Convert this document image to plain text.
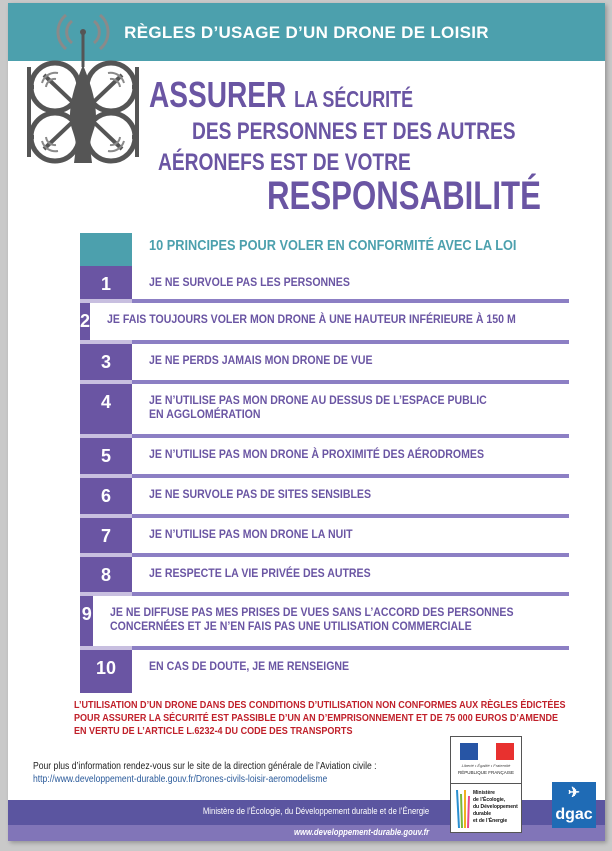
RÈGLES D’USAGE D’UN DRONE DE LOISIR
ASSURER LA SÉCURITÉ
DES PERSONNES ET DES AUTRES
AÉRONEFS EST DE VOTRE
RESPONSABILITÉ
10 PRINCIPES POUR VOLER EN CONFORMITÉ AVEC LA LOI
1	JE NE SURVOLE PAS LES PERSONNES
2	JE FAIS TOUJOURS VOLER MON DRONE À UNE HAUTEUR INFÉRIEURE À 150 M
3	JE NE PERDS JAMAIS MON DRONE DE VUE
4	JE N’UTILISE PAS MON DRONE AU DESSUS DE L’ESPACE PUBLIC
EN AGGLOMÉRATION
5	JE N’UTILISE PAS MON DRONE À PROXIMITÉ DES AÉRODROMES
6	JE NE SURVOLE PAS DE SITES SENSIBLES
7	JE N’UTILISE PAS MON DRONE LA NUIT
8	JE RESPECTE LA VIE PRIVÉE DES AUTRES
9	JE NE DIFFUSE PAS MES PRISES DE VUES SANS L’ACCORD DES PERSONNES
CONCERNÉES ET JE N’EN FAIS PAS UNE UTILISATION COMMERCIALE
10	EN CAS DE DOUTE, JE ME RENSEIGNE
L’UTILISATION D’UN DRONE DANS DES CONDITIONS D’UTILISATION NON CONFORMES AUX RÈGLES ÉDICTÉES
POUR ASSURER LA SÉCURITÉ EST PASSIBLE D’UN AN D’EMPRISONNEMENT ET DE 75 000 EUROS D’AMENDE
EN VERTU DE L’ARTICLE L.6232-4 DU CODE DES TRANSPORTS
Pour plus d’information rendez-vous sur le site de la direction générale de l’Aviation civile :
http://www.developpement-durable.gouv.fr/Drones-civils-loisir-aeromodelisme
Ministère de l’Écologie, du Développement durable et de l’Énergie
www.developpement-durable.gouv.fr
Liberté • Égalité • Fraternité
RÉPUBLIQUE FRANÇAISE
Ministère
de l’Écologie,
du Développement
durable
et de l’Énergie
✈
dgac
